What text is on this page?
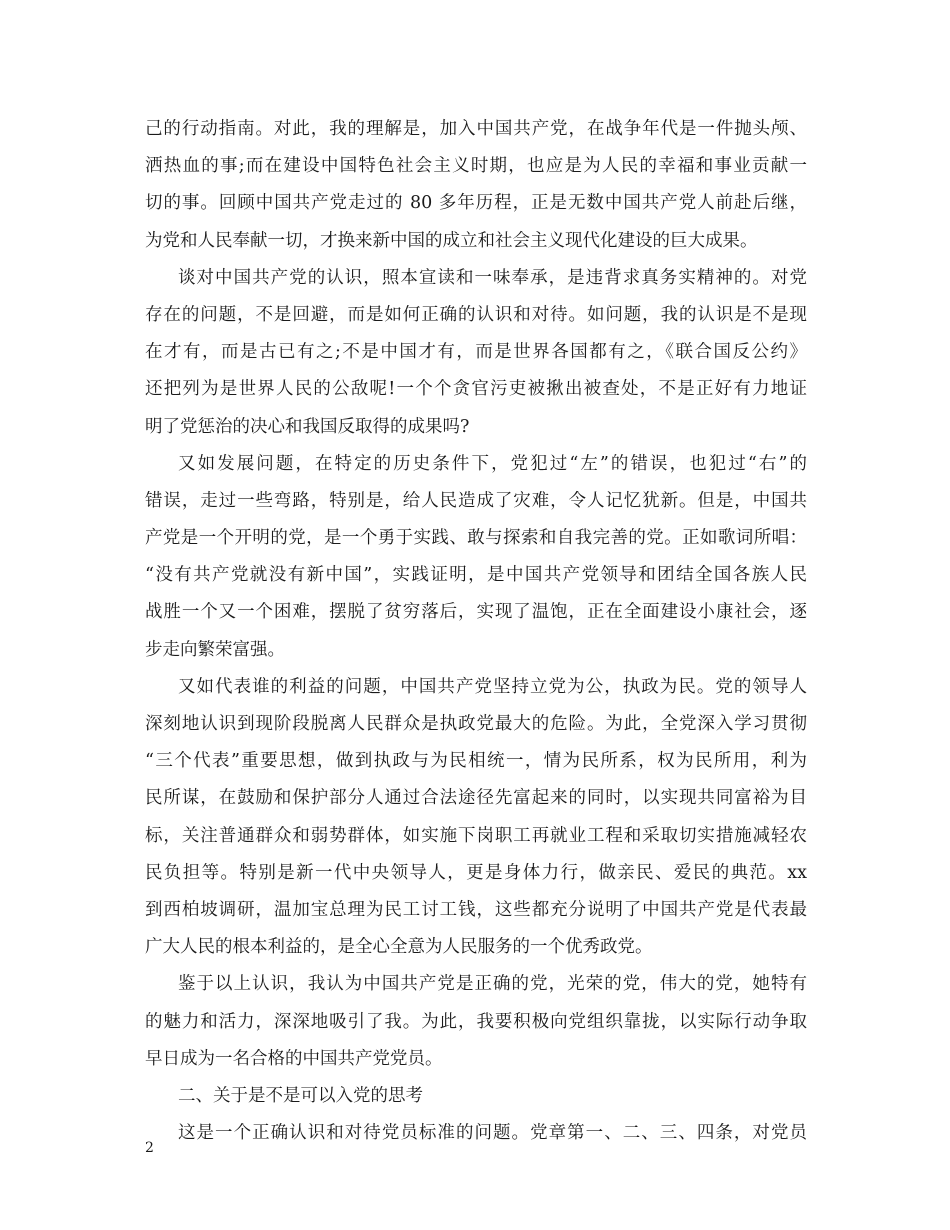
己的行动指南。对此，我的理解是，加入中国共产党，在战争年代是一件抛头颅、
洒热血的事;而在建设中国特色社会主义时期，也应是为人民的幸福和事业贡献一
切的事。回顾中国共产党走过的 80 多年历程，正是无数中国共产党人前赴后继，
为党和人民奉献一切，才换来新中国的成立和社会主义现代化建设的巨大成果。
谈对中国共产党的认识，照本宣读和一味奉承，是违背求真务实精神的。对党
存在的问题，不是回避，而是如何正确的认识和对待。如问题，我的认识是不是现
在才有，而是古已有之;不是中国才有，而是世界各国都有之，《联合国反公约》
还把列为是世界人民的公敌呢!一个个贪官污吏被揪出被查处，不是正好有力地证
明了党惩治的决心和我国反取得的成果吗?
又如发展问题，在特定的历史条件下，党犯过“左”的错误，也犯过“右”的
错误，走过一些弯路，特别是，给人民造成了灾难，令人记忆犹新。但是，中国共
产党是一个开明的党，是一个勇于实践、敢与探索和自我完善的党。正如歌词所唱：
“没有共产党就没有新中国”，实践证明，是中国共产党领导和团结全国各族人民
战胜一个又一个困难，摆脱了贫穷落后，实现了温饱，正在全面建设小康社会，逐
步走向繁荣富强。
又如代表谁的利益的问题，中国共产党坚持立党为公，执政为民。党的领导人
深刻地认识到现阶段脱离人民群众是执政党最大的危险。为此，全党深入学习贯彻
“三个代表”重要思想，做到执政与为民相统一，情为民所系，权为民所用，利为
民所谋，在鼓励和保护部分人通过合法途径先富起来的同时，以实现共同富裕为目
标，关注普通群众和弱势群体，如实施下岗职工再就业工程和采取切实措施减轻农
民负担等。特别是新一代中央领导人，更是身体力行，做亲民、爱民的典范。xx
到西柏坡调研，温加宝总理为民工讨工钱，这些都充分说明了中国共产党是代表最
广大人民的根本利益的，是全心全意为人民服务的一个优秀政党。
鉴于以上认识，我认为中国共产党是正确的党，光荣的党，伟大的党，她特有
的魅力和活力，深深地吸引了我。为此，我要积极向党组织靠拢，以实际行动争取
早日成为一名合格的中国共产党党员。
二、关于是不是可以入党的思考
这是一个正确认识和对待党员标准的问题。党章第一、二、三、四条，对党员
2
